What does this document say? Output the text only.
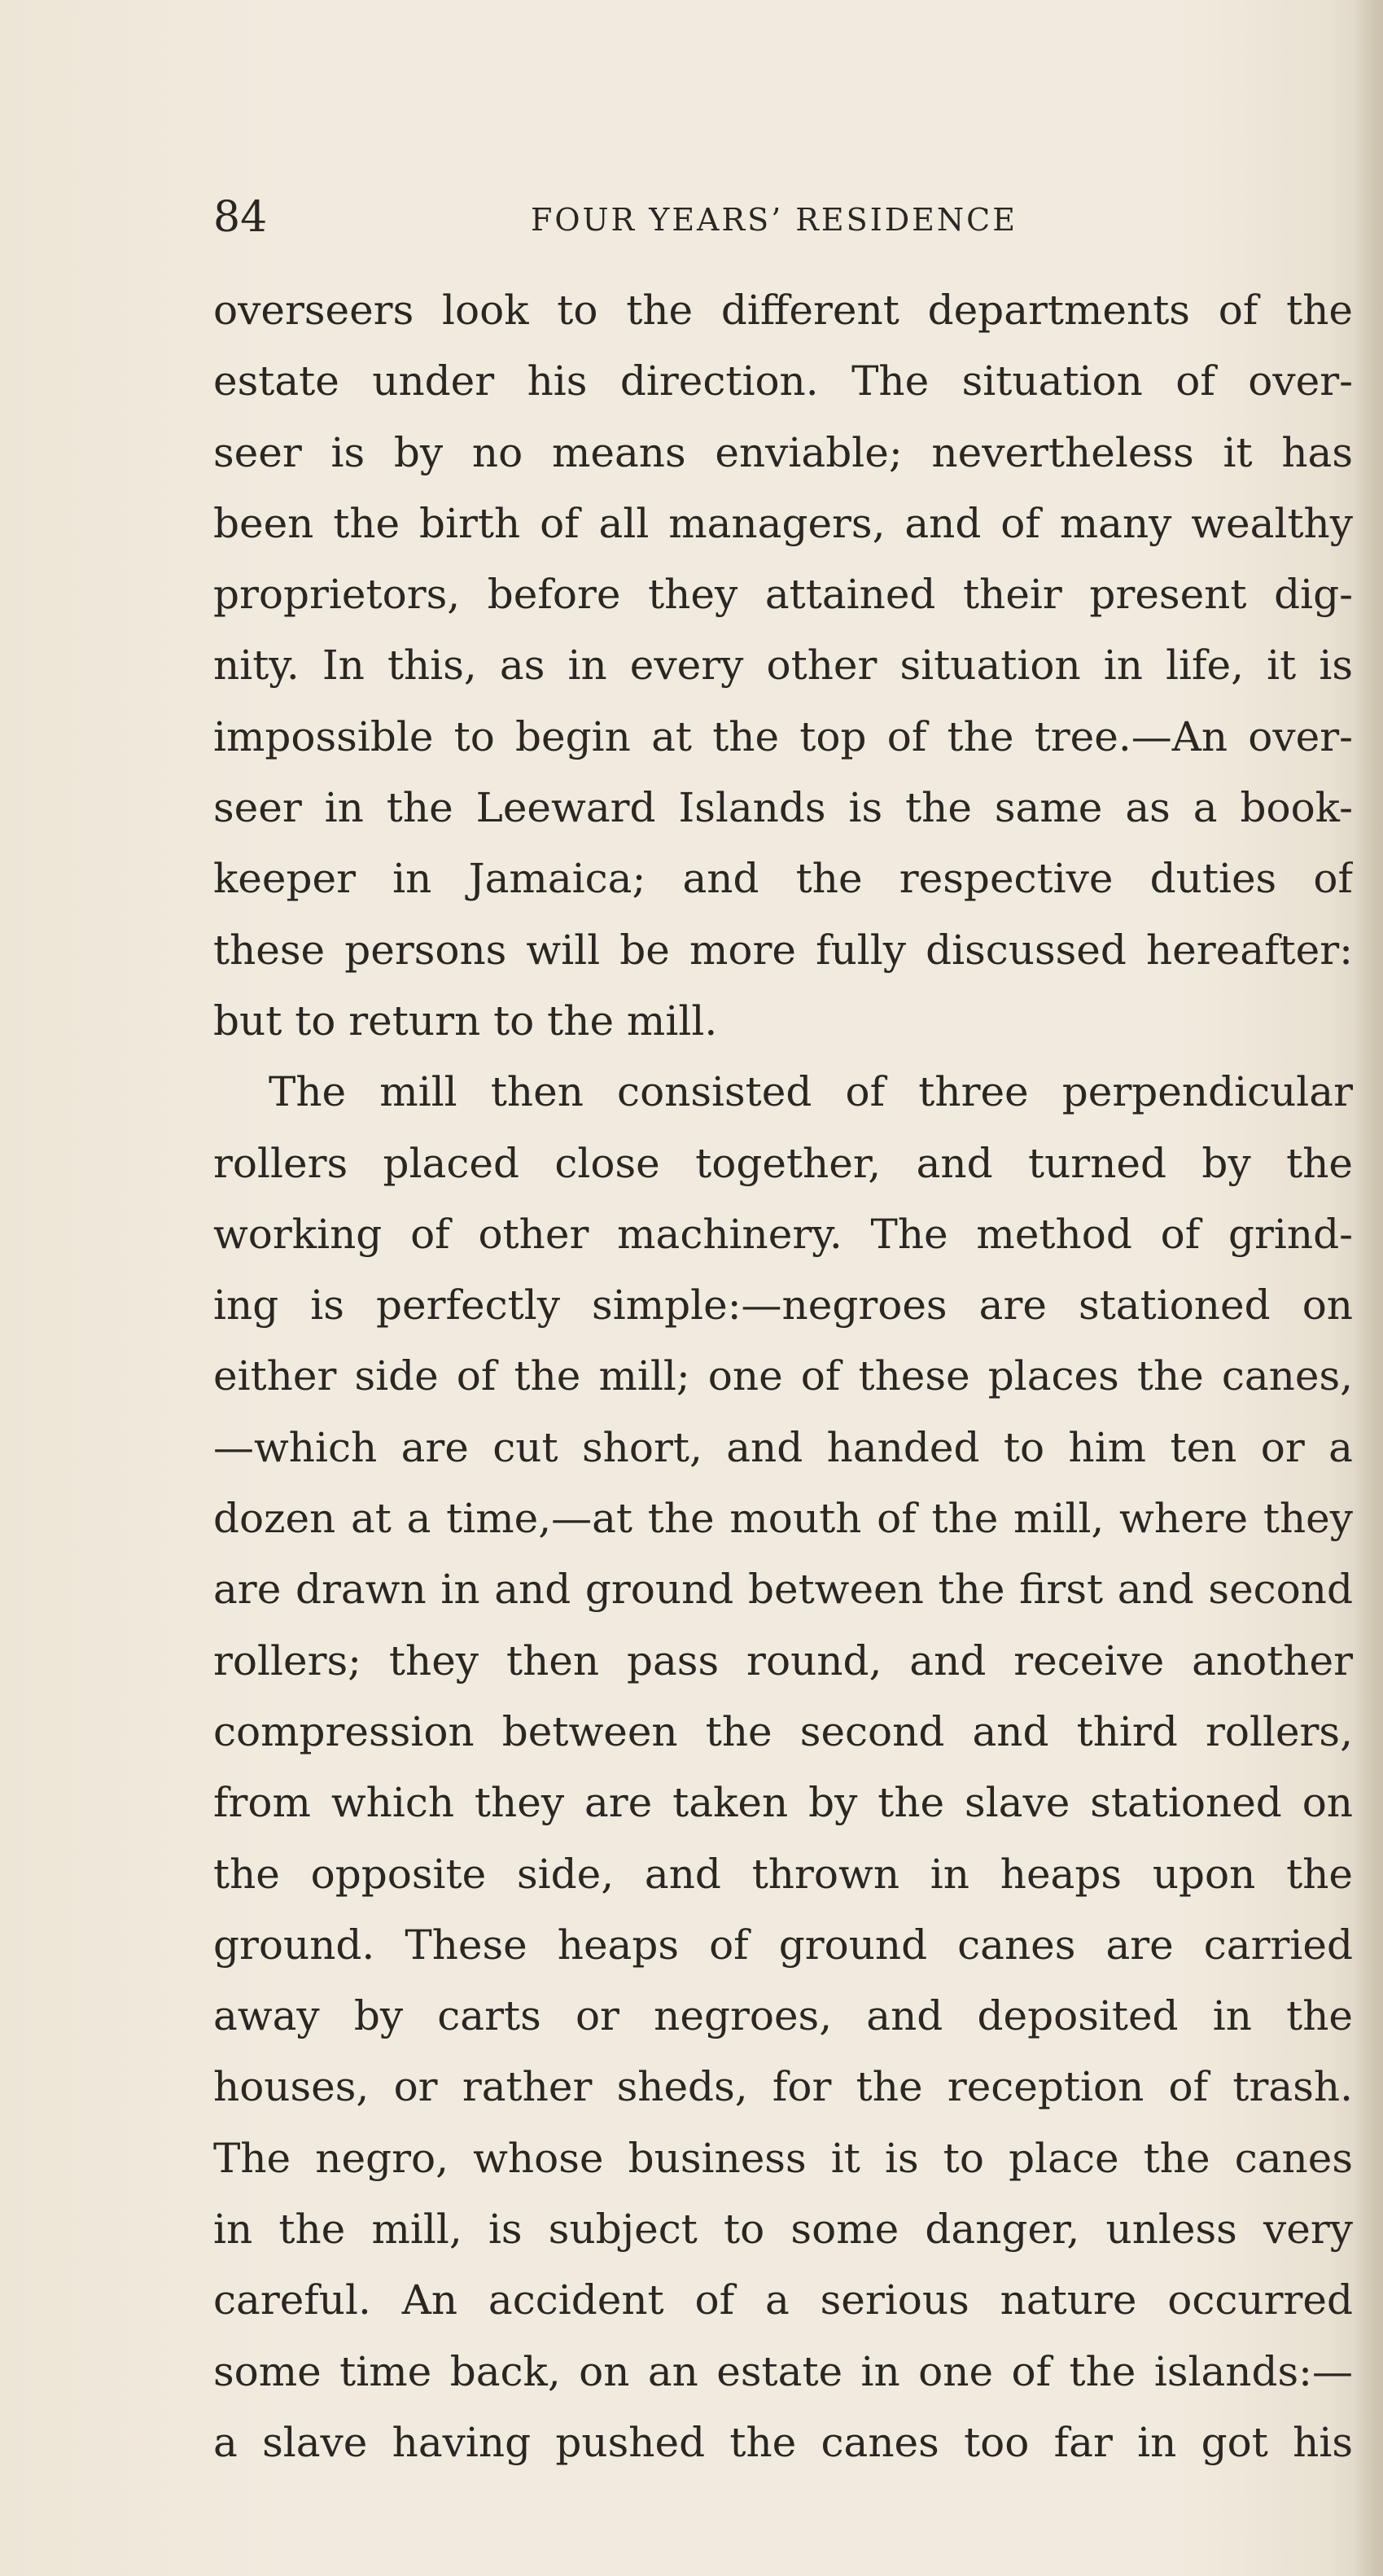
84	FOUR YEARS’ RESIDENCE
overseers look to the different departments of the
estate under his direction. The situation of over-
seer is by no means enviable; nevertheless it has
been the birth of all managers, and of many wealthy
proprietors, before they attained their present dig-
nity. In this, as in every other situation in life, it is
impossible to begin at the top of the tree.—An over-
seer in the Leeward Islands is the same as a book-
keeper in Jamaica; and the respective duties of
these persons will be more fully discussed hereafter:
but to return to the mill.
The mill then consisted of three perpendicular
rollers placed close together, and turned by the
working of other machinery. The method of grind-
ing is perfectly simple:—negroes are stationed on
either side of the mill; one of these places the canes,
—which are cut short, and handed to him ten or a
dozen at a time,—at the mouth of the mill, where they
are drawn in and ground between the first and second
rollers; they then pass round, and receive another
compression between the second and third rollers,
from which they are taken by the slave stationed on
the opposite side, and thrown in heaps upon the
ground. These heaps of ground canes are carried
away by carts or negroes, and deposited in the
houses, or rather sheds, for the reception of trash.
The negro, whose business it is to place the canes
in the mill, is subject to some danger, unless very
careful. An accident of a serious nature occurred
some time back, on an estate in one of the islands:—
a slave having pushed the canes too far in got his
